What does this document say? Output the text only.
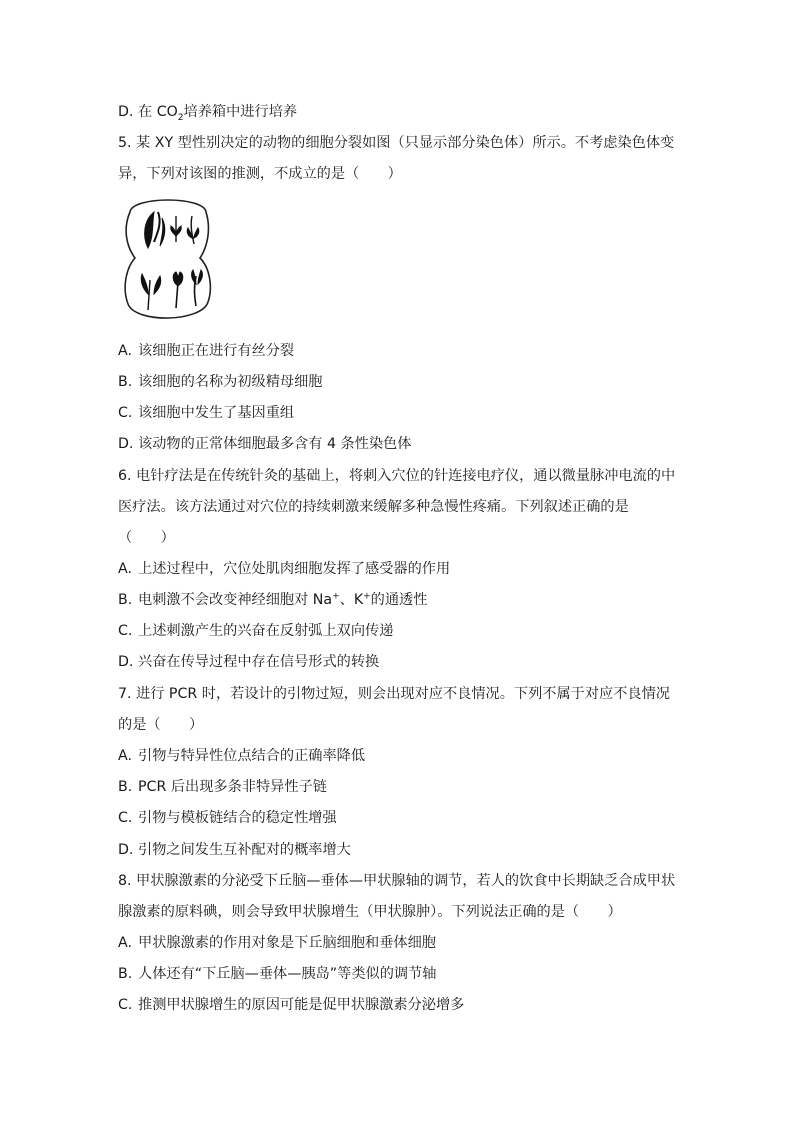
D. 在 $CO_2$培养箱中进行培养
5. 某 XY 型性别决定的动物的细胞分裂如图（只显示部分染色体）所示。不考虑染色体变
异，下列对该图的推测，不成立的是（　　）
A. 该细胞正在进行有丝分裂
B. 该细胞的名称为初级精母细胞
C. 该细胞中发生了基因重组
D. 该动物的正常体细胞最多含有 4 条性染色体
6. 电针疗法是在传统针灸的基础上，将刺入穴位的针连接电疗仪，通以微量脉冲电流的中
医疗法。该方法通过对穴位的持续刺激来缓解多种急慢性疼痛。下列叙述正确的是
（　　）
A. 上述过程中，穴位处肌肉细胞发挥了感受器的作用
B. 电刺激不会改变神经细胞对 Na+、K+的通透性
C. 上述刺激产生的兴奋在反射弧上双向传递
D. 兴奋在传导过程中存在信号形式的转换
7. 进行 PCR 时，若设计的引物过短，则会出现对应不良情况。下列不属于对应不良情况
的是（　　）
A. 引物与特异性位点结合的正确率降低
B. PCR 后出现多条非特异性子链
C. 引物与模板链结合的稳定性增强
D. 引物之间发生互补配对的概率增大
8. 甲状腺激素的分泌受下丘脑—垂体—甲状腺轴的调节，若人的饮食中长期缺乏合成甲状
腺激素的原料碘，则会导致甲状腺增生（甲状腺肿）。下列说法正确的是（　　）
A. 甲状腺激素的作用对象是下丘脑细胞和垂体细胞
B. 人体还有“下丘脑—垂体—胰岛”等类似的调节轴
C. 推测甲状腺增生的原因可能是促甲状腺激素分泌增多
